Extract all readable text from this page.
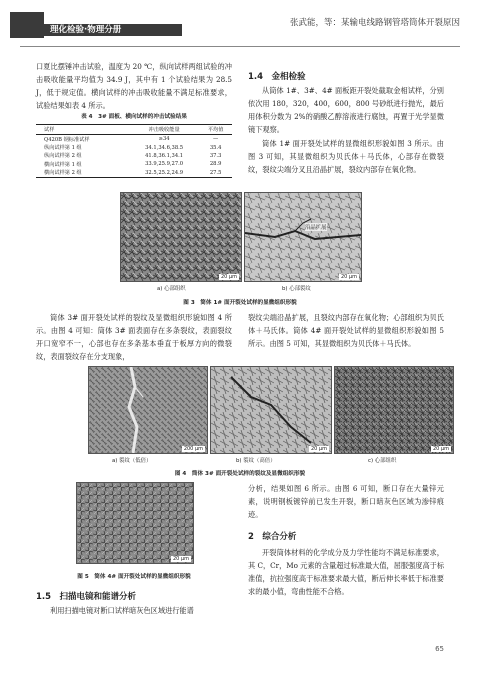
理化检验·物理分册
张武能，等：某输电线路钢管塔筒体开裂原因

口夏比摆锤冲击试验，温度为 20 ℃，纵向试样两组试验的冲击吸收能量平均值为 34.9 J，其中有 1 个试验结果为 28.5 J，低于规定值。横向试样的冲击吸收能量不满足标准要求，试验结果如表 4 所示。

表 4　3# 面板、横向试样的冲击试验结果
试样	冲击吸收能量	平均值
Q420B 钢标准试样	≥34	—
纵向试样第 1 组	34.1,34.6,38.5	35.4
纵向试样第 2 组	41.8,36.1,34.1	37.3
横向试样第 1 组	33.9,25.9,27.0	28.9
横向试样第 2 组	32.5,25.2,24.9	27.5
1.4　金相检验

从筒体 1#、3#、4# 面板距开裂处截取金相试样，分别依次用 180，320，400，600，800 号砂纸进行抛光，最后用体积分数为 2%的硝酸乙醇溶液进行腐蚀，再置于光学显微镜下观察。

筒体 1# 面开裂处试样的显微组织形貌如图 3 所示。由图 3 可知，其显微组织为贝氏体＋马氏体，心部存在微裂纹，裂纹尖端分叉且沿晶扩展，裂纹内部存在氧化物。

20 μm
沿晶扩展
20 μm
a) 心部组织	b) 心部裂纹
图 3　筒体 1# 面开裂处试样的显微组织形貌

筒体 3# 面开裂处试样的裂纹及显微组织形貌如图 4 所示。由图 4 可知：筒体 3# 面表面存在多条裂纹，表面裂纹开口宽窄不一，心部也存在多条基本垂直于板厚方向的微裂纹，表面裂纹存在分支现象，

裂纹尖端沿晶扩展，且裂纹内部存在氧化物；心部组织为贝氏体＋马氏体。筒体 4# 面开裂处试样的显微组织形貌如图 5 所示。由图 5 可知，其显微组织为贝氏体＋马氏体。

200 μm	20 μm	20 μm
a) 裂纹（低倍）	b) 裂纹（高倍）	c) 心部组织
图 4　筒体 3# 面开裂处试样的裂纹及显微组织形貌
20 μm
图 5　筒体 4# 面开裂处试样的显微组织形貌
1.5　扫描电镜和能谱分析

利用扫描电镜对断口试样暗灰色区域进行能谱

分析，结果如图 6 所示。由图 6 可知，断口存在大量锌元素，说明钢板镀锌前已发生开裂，断口暗灰色区域为渗锌痕迹。

2　综合分析

开裂筒体材料的化学成分及力学性能均不满足标准要求，其 C，Cr，Mo 元素的含量超过标准最大值，屈服强度高于标准值，抗拉强度高于标准要求最大值，断后伸长率低于标准要求的最小值，弯曲性能不合格。

65
